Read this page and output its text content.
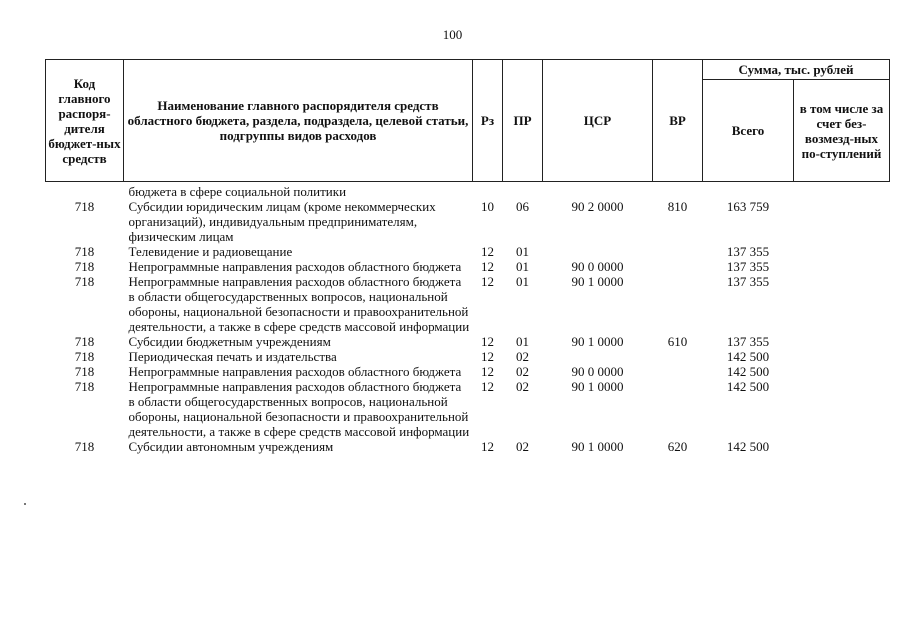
100
Код главного распоря-дителя бюджет-ных средств	Наименование главного распорядителя средств областного бюджета, раздела, подраздела, целевой статьи, подгруппы видов расходов	Рз	ПР	ЦСР	ВР	Сумма, тыс. рублей	
						Всего	в том числе за счет без-возмезд-ных по-ступлений
	бюджета в сфере социальной политики						
718	Субсидии юридическим лицам (кроме некоммерческих организаций), индивидуальным предпринимателям, физическим лицам	10	06	90 2 0000	810	163 759	
718	Телевидение и радиовещание	12	01			137 355	
718	Непрограммные направления расходов областного бюджета	12	01	90 0 0000		137 355	
718	Непрограммные направления расходов областного бюджета в области общегосударственных вопросов, национальной обороны, национальной безопасности и правоохранительной деятельности, а также в сфере средств массовой информации	12	01	90 1 0000		137 355	
718	Субсидии бюджетным учреждениям	12	01	90 1 0000	610	137 355	
718	Периодическая печать и издательства	12	02			142 500	
718	Непрограммные направления расходов областного бюджета	12	02	90 0 0000		142 500	
718	Непрограммные направления расходов областного бюджета в области общегосударственных вопросов, национальной обороны, национальной безопасности и правоохранительной деятельности, а также в сфере средств массовой информации	12	02	90 1 0000		142 500	
718	Субсидии автономным учреждениям	12	02	90 1 0000	620	142 500	
